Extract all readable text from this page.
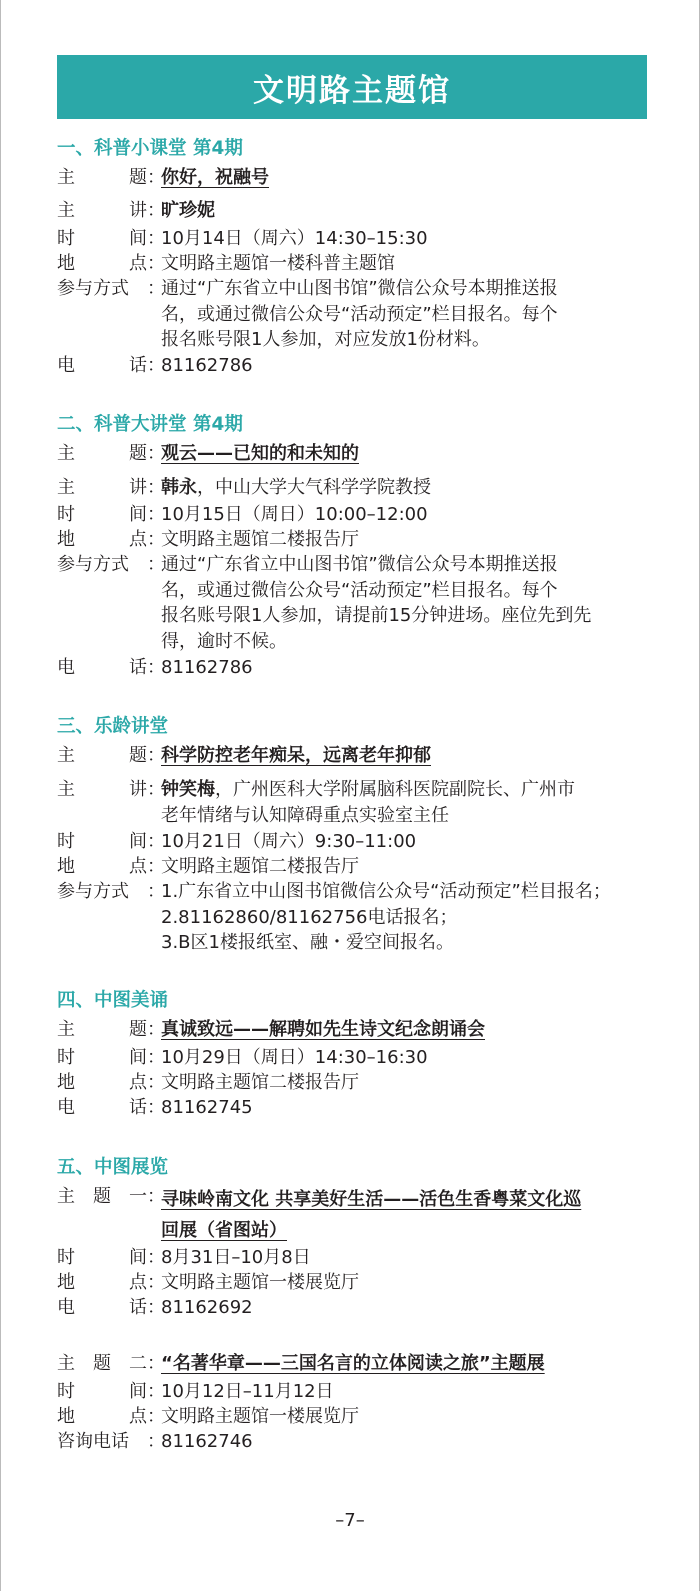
文明路主题馆
一、科普小课堂 第4期
主	题 ：
你好，祝融号
主	讲 ：
旷珍妮
时	间 ：
10月14日（周六）14:30–15:30
地	点 ：
文明路主题馆一楼科普主题馆
参与方式	：
通过“广东省立中山图书馆”微信公众号本期推送报
名，或通过微信公众号“活动预定”栏目报名。每个
报名账号限1人参加，对应发放1份材料。
电	话 ：
81162786
二、科普大讲堂 第4期
主	题 ：
观云——已知的和未知的
主	讲 ：
韩永，中山大学大气科学学院教授
时	间 ：
10月15日（周日）10:00–12:00
地	点 ：
文明路主题馆二楼报告厅
参与方式	：
通过“广东省立中山图书馆”微信公众号本期推送报
名，或通过微信公众号“活动预定”栏目报名。每个
报名账号限1人参加，请提前15分钟进场。座位先到先
得，逾时不候。
电	话 ：
81162786
三、乐龄讲堂
主	题 ：
科学防控老年痴呆，远离老年抑郁
主	讲 ：
钟笑梅，广州医科大学附属脑科医院副院长、广州市
老年情绪与认知障碍重点实验室主任
时	间 ：
10月21日（周六）9:30–11:00
地	点 ：
文明路主题馆二楼报告厅
参与方式	：
1.广东省立中山图书馆微信公众号“活动预定”栏目报名；
2.81162860/81162756电话报名；
3.B区1楼报纸室、融・爱空间报名。
四、中图美诵
主	题 ：
真诚致远——解聘如先生诗文纪念朗诵会
时	间 ：
10月29日（周日）14:30–16:30
地	点 ：
文明路主题馆二楼报告厅
电	话 ：
81162745
五、中图展览
主 题 一 ：
寻味岭南文化 共享美好生活——活色生香粤菜文化巡
回展（省图站）
时	间 ：
8月31日–10月8日
地	点 ：
文明路主题馆一楼展览厅
电	话 ：
81162692
主 题 二 ：
“名著华章——三国名言的立体阅读之旅”主题展
时	间 ：
10月12日–11月12日
地	点 ：
文明路主题馆一楼展览厅
咨询电话	：
81162746
–7–
